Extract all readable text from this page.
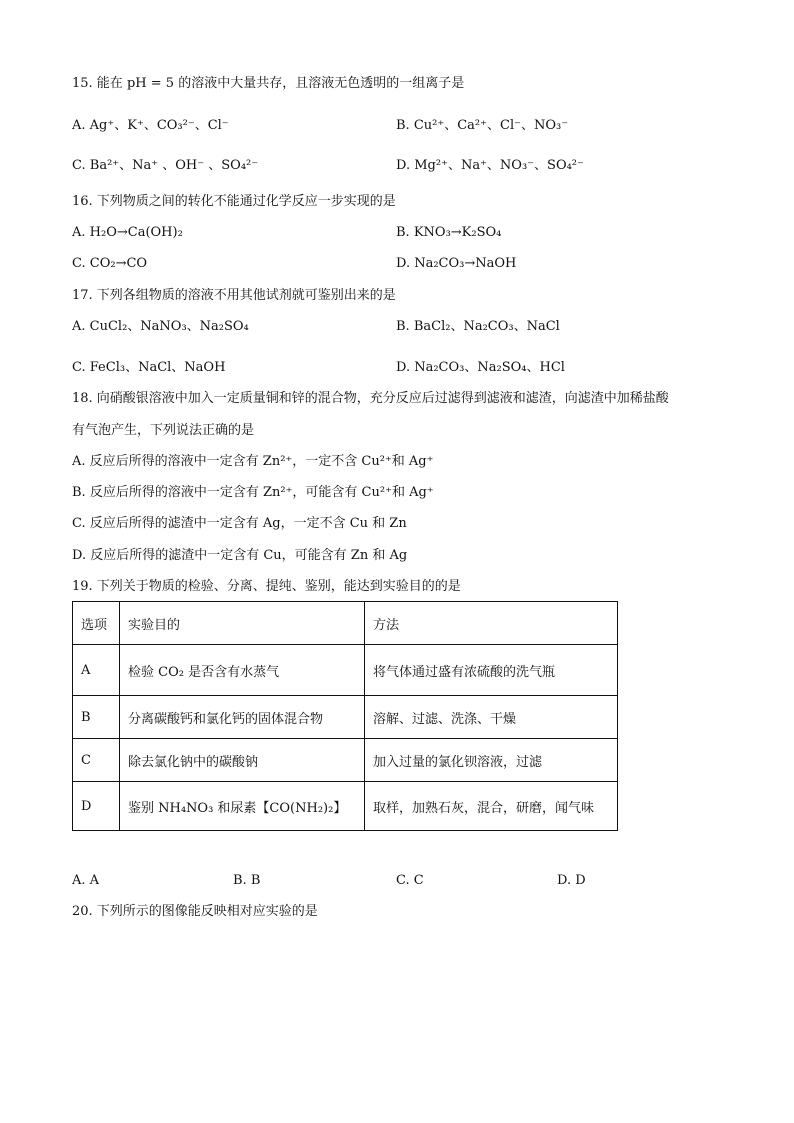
15. 能在 pH = 5 的溶液中大量共存，且溶液无色透明的一组离子是
A. Ag⁺、K⁺、CO₃²⁻、Cl⁻	B. Cu²⁺、Ca²⁺、Cl⁻、NO₃⁻
C. Ba²⁺、Na⁺ 、OH⁻ 、SO₄²⁻	D. Mg²⁺、Na⁺、NO₃⁻、SO₄²⁻
16. 下列物质之间的转化不能通过化学反应一步实现的是
A. H₂O→Ca(OH)₂	B. KNO₃→K₂SO₄
C. CO₂→CO	D. Na₂CO₃→NaOH
17. 下列各组物质的溶液不用其他试剂就可鉴别出来的是
A. CuCl₂、NaNO₃、Na₂SO₄	B. BaCl₂、Na₂CO₃、NaCl
C. FeCl₃、NaCl、NaOH	D. Na₂CO₃、Na₂SO₄、HCl
18. 向硝酸银溶液中加入一定质量铜和锌的混合物，充分反应后过滤得到滤液和滤渣，向滤渣中加稀盐酸
有气泡产生，下列说法正确的是
A. 反应后所得的溶液中一定含有 Zn²⁺，一定不含 Cu²⁺和 Ag⁺
B. 反应后所得的溶液中一定含有 Zn²⁺，可能含有 Cu²⁺和 Ag⁺
C. 反应后所得的滤渣中一定含有 Ag，一定不含 Cu 和 Zn
D. 反应后所得的滤渣中一定含有 Cu，可能含有 Zn 和 Ag
19. 下列关于物质的检验、分离、提纯、鉴别，能达到实验目的的是
选项	实验目的	方法
A	检验 CO₂ 是否含有水蒸气	将气体通过盛有浓硫酸的洗气瓶
B	分离碳酸钙和氯化钙的固体混合物	溶解、过滤、洗涤、干燥
C	除去氯化钠中的碳酸钠	加入过量的氯化钡溶液，过滤
D	鉴别 NH₄NO₃ 和尿素【CO(NH₂)₂】	取样，加熟石灰，混合，研磨，闻气味
A. A	B. B	C. C	D. D
20. 下列所示的图像能反映相对应实验的是
